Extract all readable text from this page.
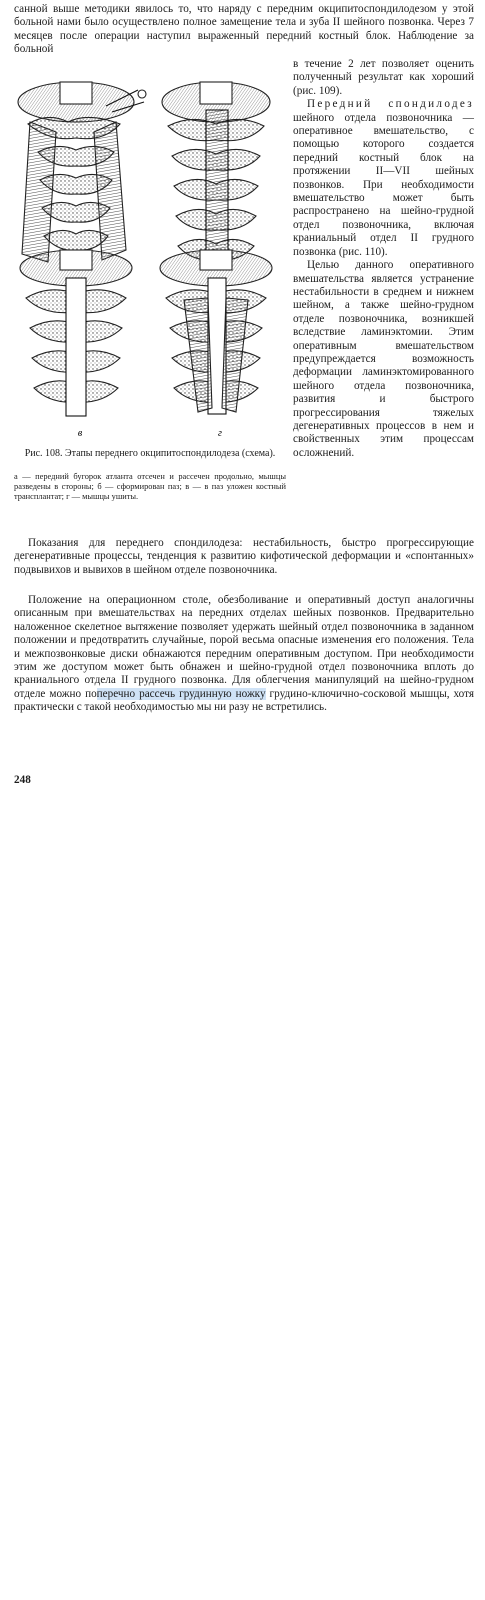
санной выше методики явилось то, что наряду с передним окципитоспондилодезом у этой больной нами было осуществлено полное замещение тела и зуба II шейного позвонка. Через 7 месяцев после операции наступил выраженный передний костный блок. Наблюдение за больной

в	г
Рис. 108. Этапы переднего окципитоспондилодеза (схема).
а — передний бугорок атланта отсечен и рассечен продольно, мышцы разведены в стороны; б — сформирован паз; в — в паз уложен костный трансплантат; г — мышцы ушиты.

в течение 2 лет позволяет оценить полученный результат как хороший (рис. 109).

Передний спондилодез шейного отдела позвоночника — оперативное вмешательство, с помощью которого создается передний костный блок на протяжении II—VII шейных позвонков. При необходимости вмешательство может быть распространено на шейно-грудной отдел позвоночника, включая краниальный отдел II грудного позвонка (рис. 110).

Целью данного оперативного вмешательства является устранение нестабильности в среднем и нижнем шейном, а также шейно-грудном отделе позвоночника, возникшей вследствие ламинэктомии. Этим оперативным вмешательством предупреждается возможность деформации ламинэктомированного шейного отдела позвоночника, развития и быстрого прогрессирования тяжелых дегенеративных процессов в нем и свойственных этим процессам осложнений.

Показания для переднего спондилодеза: нестабильность, быстро прогрессирующие дегенеративные процессы, тенденция к развитию кифотической деформации и «спонтанных» подвывихов и вывихов в шейном отделе позвоночника.

Положение на операционном столе, обезболивание и оперативный доступ аналогичны описанным при вмешательствах на передних отделах шейных позвонков. Предварительно наложенное скелетное вытяжение позволяет удержать шейный отдел позвоночника в заданном положении и предотвратить случайные, порой весьма опасные изменения его положения. Тела и межпозвонковые диски обнажаются передним оперативным доступом. При необходимости этим же доступом может быть обнажен и шейно-грудной отдел позвоночника вплоть до краниального отдела II грудного позвонка. Для облегчения манипуляций на шейно-грудном отделе можно поперечно рассечь грудинную ножку грудино-ключично-сосковой мышцы, хотя практически с такой необходимостью мы ни разу не встретились.

248
